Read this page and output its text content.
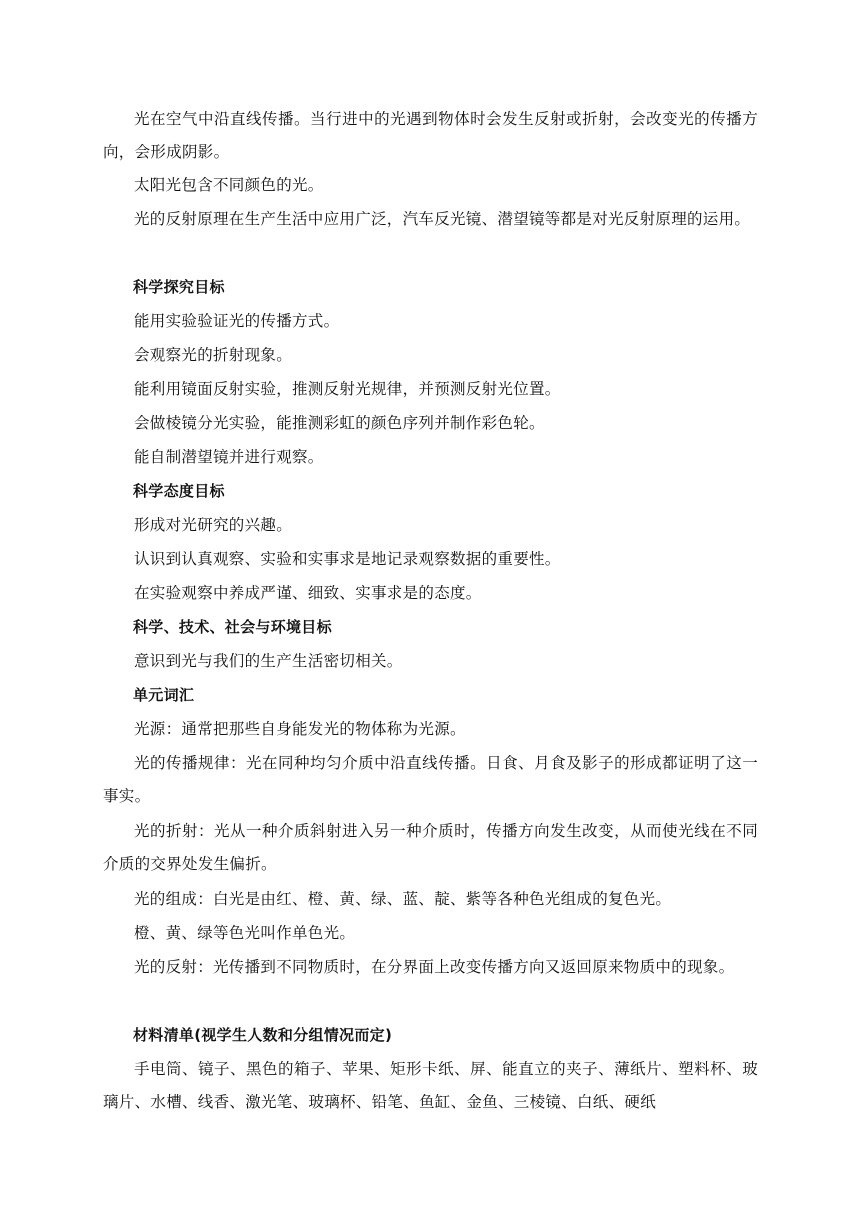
光在空气中沿直线传播。当行进中的光遇到物体时会发生反射或折射，会改变光的传播方向，会形成阴影。

太阳光包含不同颜色的光。

光的反射原理在生产生活中应用广泛，汽车反光镜、潜望镜等都是对光反射原理的运用。

科学探究目标

能用实验验证光的传播方式。

会观察光的折射现象。

能利用镜面反射实验，推测反射光规律，并预测反射光位置。

会做棱镜分光实验，能推测彩虹的颜色序列并制作彩色轮。

能自制潜望镜并进行观察。

科学态度目标

形成对光研究的兴趣。

认识到认真观察、实验和实事求是地记录观察数据的重要性。

在实验观察中养成严谨、细致、实事求是的态度。

科学、技术、社会与环境目标

意识到光与我们的生产生活密切相关。

单元词汇

光源：通常把那些自身能发光的物体称为光源。

光的传播规律：光在同种均匀介质中沿直线传播。日食、月食及影子的形成都证明了这一事实。

光的折射：光从一种介质斜射进入另一种介质时，传播方向发生改变，从而使光线在不同介质的交界处发生偏折。

光的组成：白光是由红、橙、黄、绿、蓝、靛、紫等各种色光组成的复色光。

橙、黄、绿等色光叫作单色光。

光的反射：光传播到不同物质时，在分界面上改变传播方向又返回原来物质中的现象。

材料清单(视学生人数和分组情况而定)

手电筒、镜子、黑色的箱子、苹果、矩形卡纸、屏、能直立的夹子、薄纸片、塑料杯、玻璃片、水槽、线香、激光笔、玻璃杯、铅笔、鱼缸、金鱼、三棱镜、白纸、硬纸
